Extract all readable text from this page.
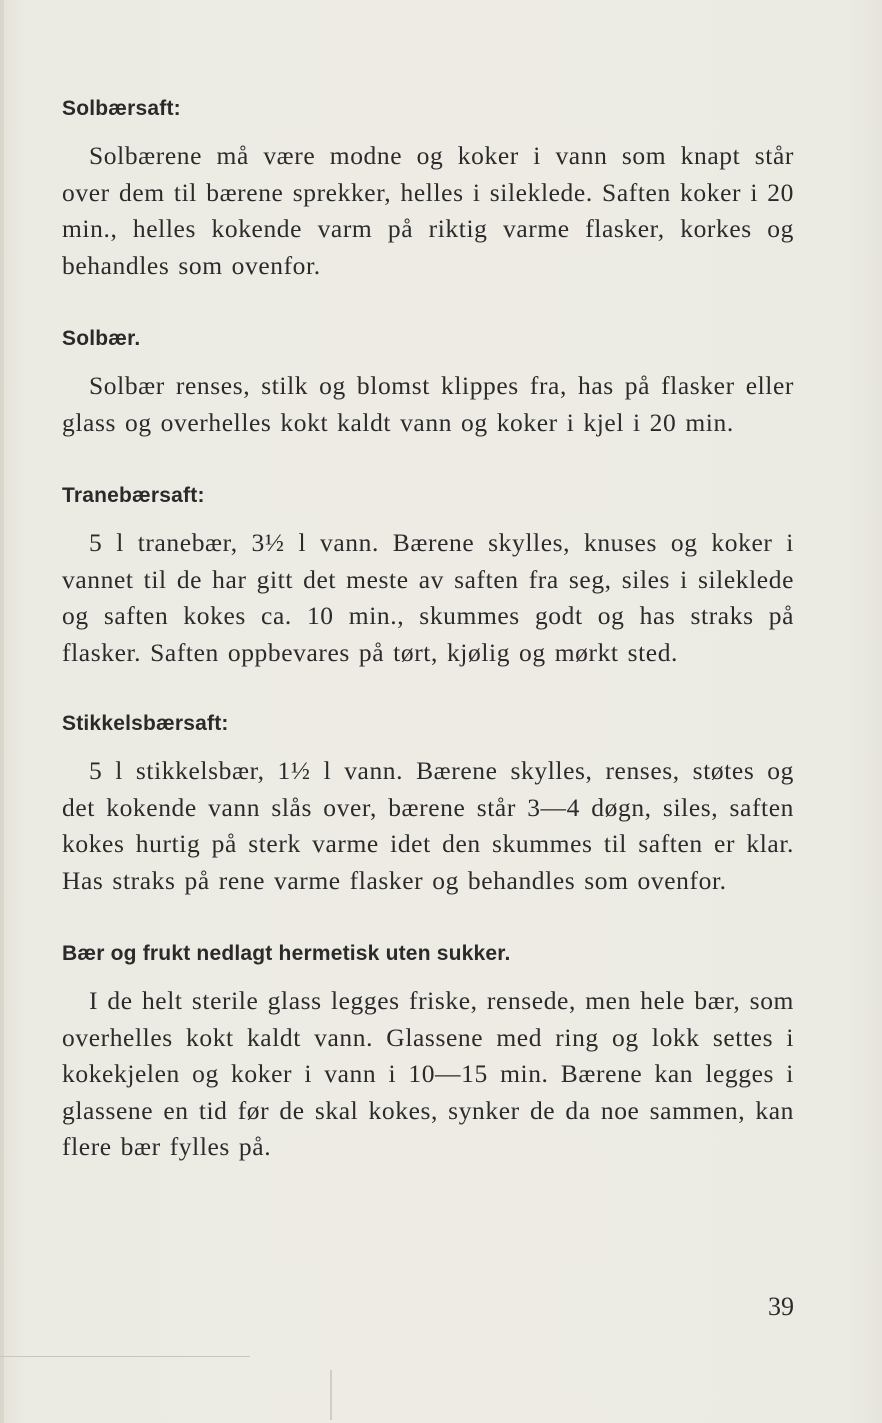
Solbærsaft:

Solbærene må være modne og koker i vann som knapt står over dem til bærene sprekker, helles i sileklede. Saften koker i 20 min., helles kokende varm på riktig varme flasker, korkes og behandles som ovenfor.

Solbær.

Solbær renses, stilk og blomst klippes fra, has på flasker eller glass og overhelles kokt kaldt vann og koker i kjel i 20 min.

Tranebærsaft:

5 l tranebær, 3½ l vann. Bærene skylles, knuses og koker i vannet til de har gitt det meste av saften fra seg, siles i sileklede og saften kokes ca. 10 min., skummes godt og has straks på flasker. Saften oppbevares på tørt, kjølig og mørkt sted.

Stikkelsbærsaft:

5 l stikkelsbær, 1½ l vann. Bærene skylles, renses, støtes og det kokende vann slås over, bærene står 3—4 døgn, siles, saften kokes hurtig på sterk varme idet den skummes til saften er klar. Has straks på rene varme flasker og behandles som ovenfor.

Bær og frukt nedlagt hermetisk uten sukker.

I de helt sterile glass legges friske, rensede, men hele bær, som overhelles kokt kaldt vann. Glassene med ring og lokk settes i kokekjelen og koker i vann i 10—15 min. Bærene kan legges i glassene en tid før de skal kokes, synker de da noe sammen, kan flere bær fylles på.

39
